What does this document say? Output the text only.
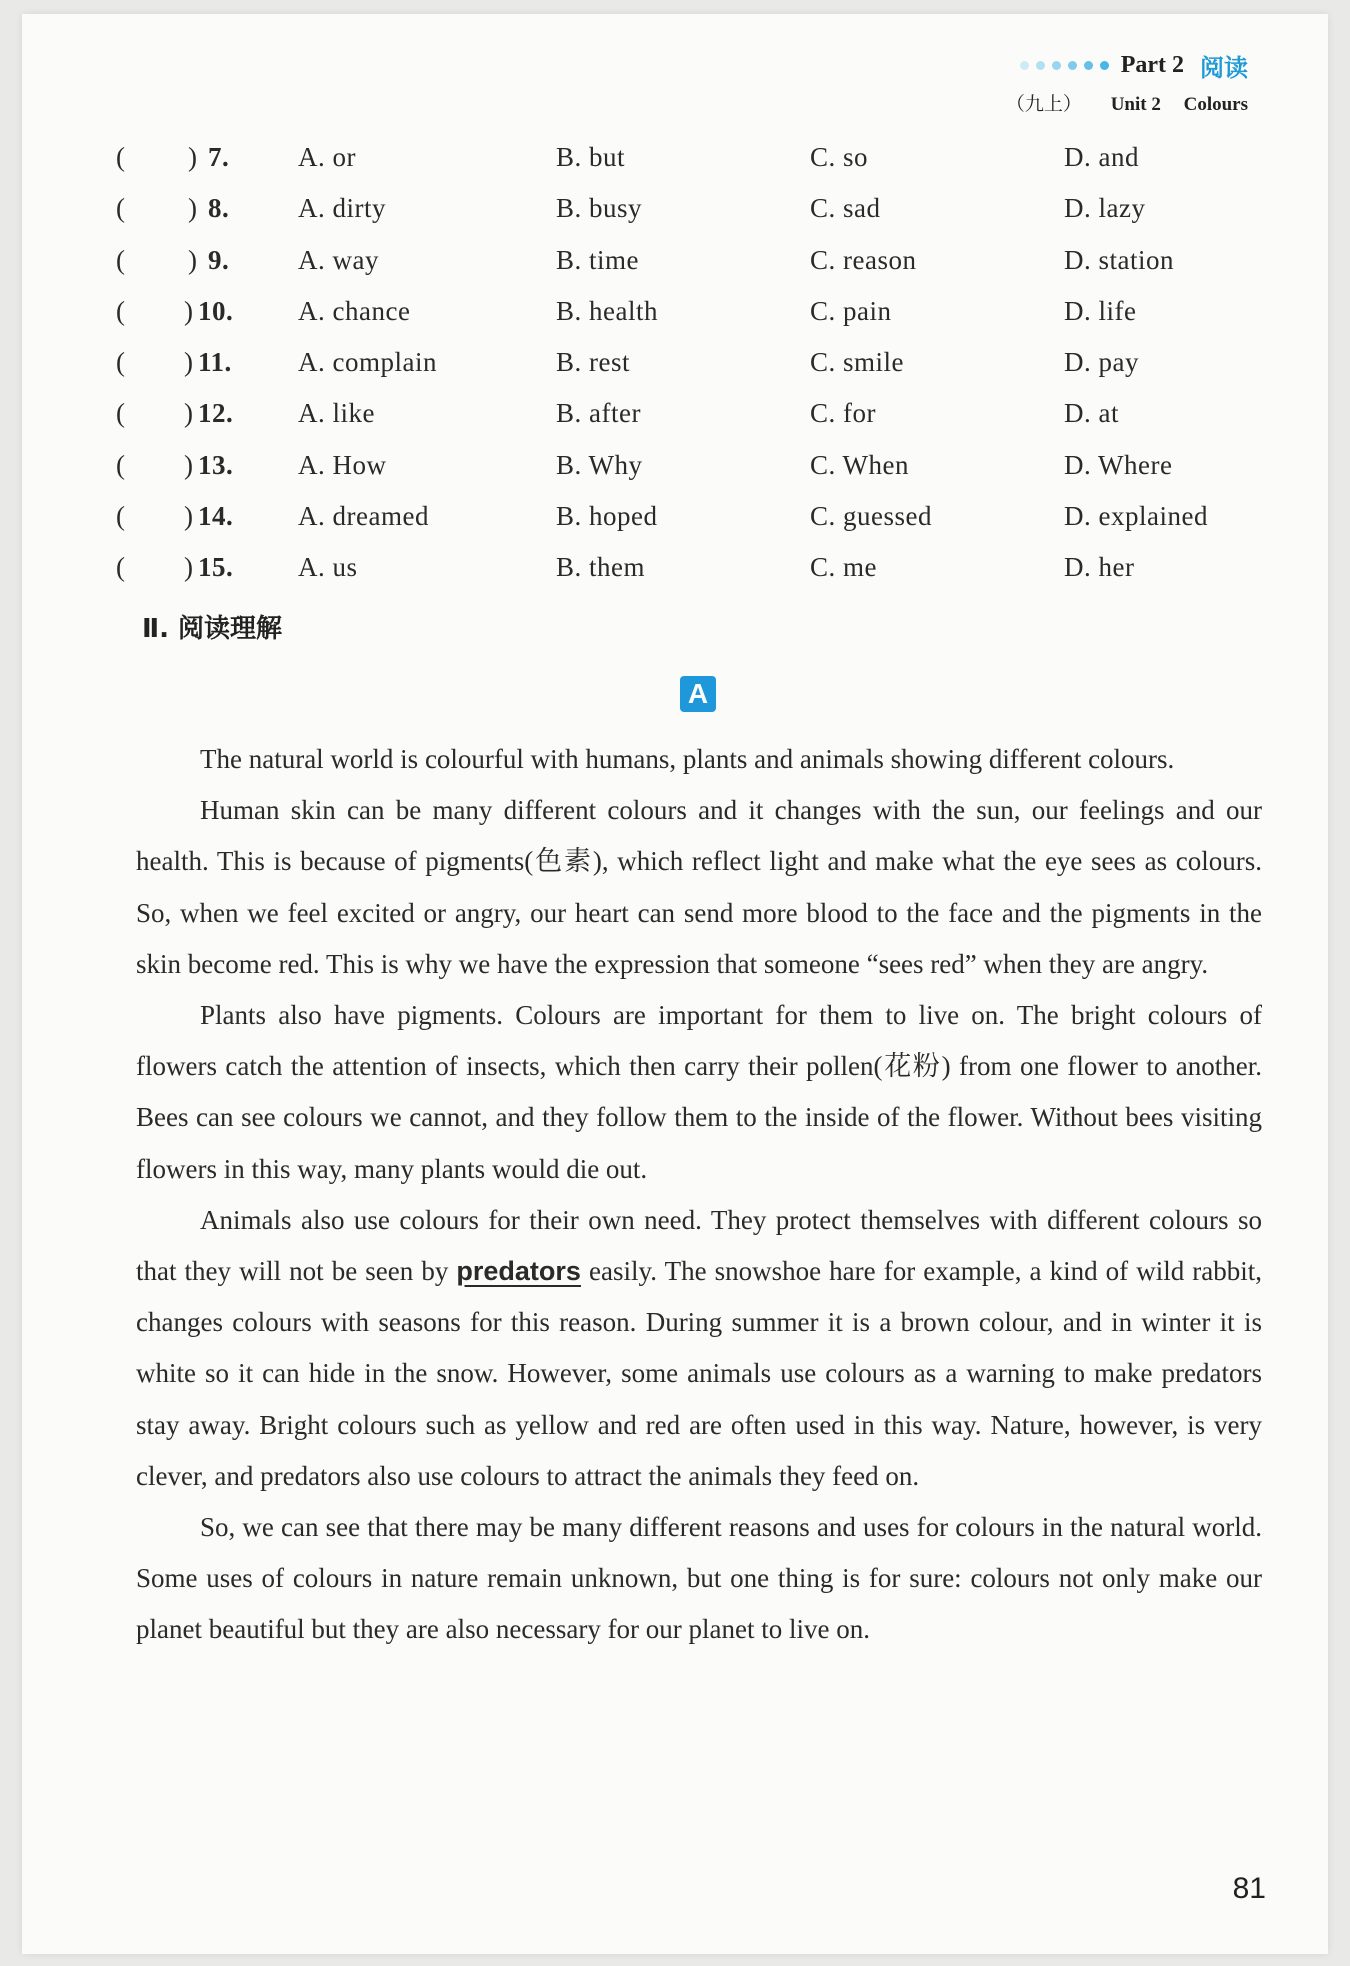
Part 2 阅读
（九上） Unit 2 Colours
( ) 7.	A. or	B. but	C. so	D. and
( ) 8.	A. dirty	B. busy	C. sad	D. lazy
( ) 9.	A. way	B. time	C. reason	D. station
( ) 10. A. chance	B. health	C. pain	D. life
( ) 11. A. complain	B. rest	C. smile	D. pay
( ) 12. A. like	B. after	C. for	D. at
( ) 13. A. How	B. Why	C. When	D. Where
( ) 14. A. dreamed	B. hoped	C. guessed	D. explained
( ) 15. A. us	B. them	C. me	D. her
Ⅱ. 阅读理解
A

The natural world is colourful with humans, plants and animals showing different colours.

Human skin can be many different colours and it changes with the sun, our feelings and our health. This is because of pigments(色素), which reflect light and make what the eye sees as colours. So, when we feel excited or angry, our heart can send more blood to the face and the pigments in the skin become red. This is why we have the expression that someone “sees red” when they are angry.

Plants also have pigments. Colours are important for them to live on. The bright colours of flowers catch the attention of insects, which then carry their pollen(花粉) from one flower to another. Bees can see colours we cannot, and they follow them to the inside of the flower. Without bees visiting flowers in this way, many plants would die out.

Animals also use colours for their own need. They protect themselves with different colours so that they will not be seen by predators easily. The snowshoe hare for example, a kind of wild rabbit, changes colours with seasons for this reason. During summer it is a brown colour, and in winter it is white so it can hide in the snow. However, some animals use colours as a warning to make predators stay away. Bright colours such as yellow and red are often used in this way. Nature, however, is very clever, and predators also use colours to attract the animals they feed on.

So, we can see that there may be many different reasons and uses for colours in the natural world. Some uses of colours in nature remain unknown, but one thing is for sure: colours not only make our planet beautiful but they are also necessary for our planet to live on.

81
